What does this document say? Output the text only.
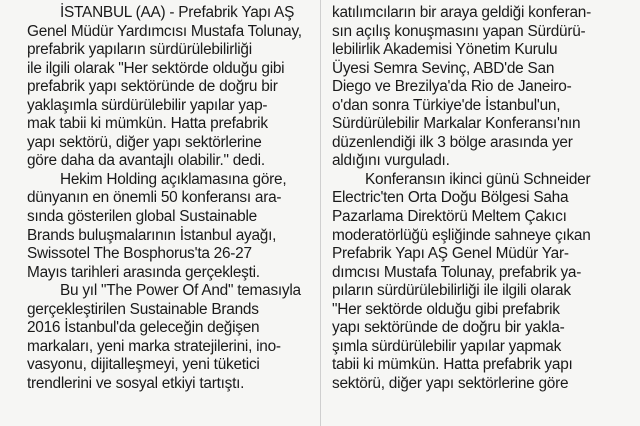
İSTANBUL (AA) - Prefabrik Yapı AŞ
Genel Müdür Yardımcısı Mustafa Tolunay,
prefabrik yapıların sürdürülebilirliği
ile ilgili olarak "Her sektörde olduğu gibi
prefabrik yapı sektöründe de doğru bir
yaklaşımla sürdürülebilir yapılar yap-
mak tabii ki mümkün. Hatta prefabrik
yapı sektörü, diğer yapı sektörlerine
göre daha da avantajlı olabilir." dedi.
Hekim Holding açıklamasına göre,
dünyanın en önemli 50 konferansı ara-
sında gösterilen global Sustainable
Brands buluşmalarının İstanbul ayağı,
Swissotel The Bosphorus'ta 26-27
Mayıs tarihleri arasında gerçekleşti.
Bu yıl "The Power Of And" temasıyla
gerçekleştirilen Sustainable Brands
2016 İstanbul'da geleceğin değişen
markaları, yeni marka stratejilerini, ino-
vasyonu, dijitalleşmeyi, yeni tüketici
trendlerini ve sosyal etkiyi tartıştı.
katılımcıların bir araya geldiği konferan-
sın açılış konuşmasını yapan Sürdürü-
lebilirlik Akademisi Yönetim Kurulu
Üyesi Semra Sevinç, ABD'de San
Diego ve Brezilya'da Rio de Janeiro-
o'dan sonra Türkiye'de İstanbul'un,
Sürdürülebilir Markalar Konferansı'nın
düzenlendiği ilk 3 bölge arasında yer
aldığını vurguladı.
Konferansın ikinci günü Schneider
Electric'ten Orta Doğu Bölgesi Saha
Pazarlama Direktörü Meltem Çakıcı
moderatörlüğü eşliğinde sahneye çıkan
Prefabrik Yapı AŞ Genel Müdür Yar-
dımcısı Mustafa Tolunay, prefabrik ya-
pıların sürdürülebilirliği ile ilgili olarak
"Her sektörde olduğu gibi prefabrik
yapı sektöründe de doğru bir yakla-
şımla sürdürülebilir yapılar yapmak
tabii ki mümkün. Hatta prefabrik yapı
sektörü, diğer yapı sektörlerine göre
